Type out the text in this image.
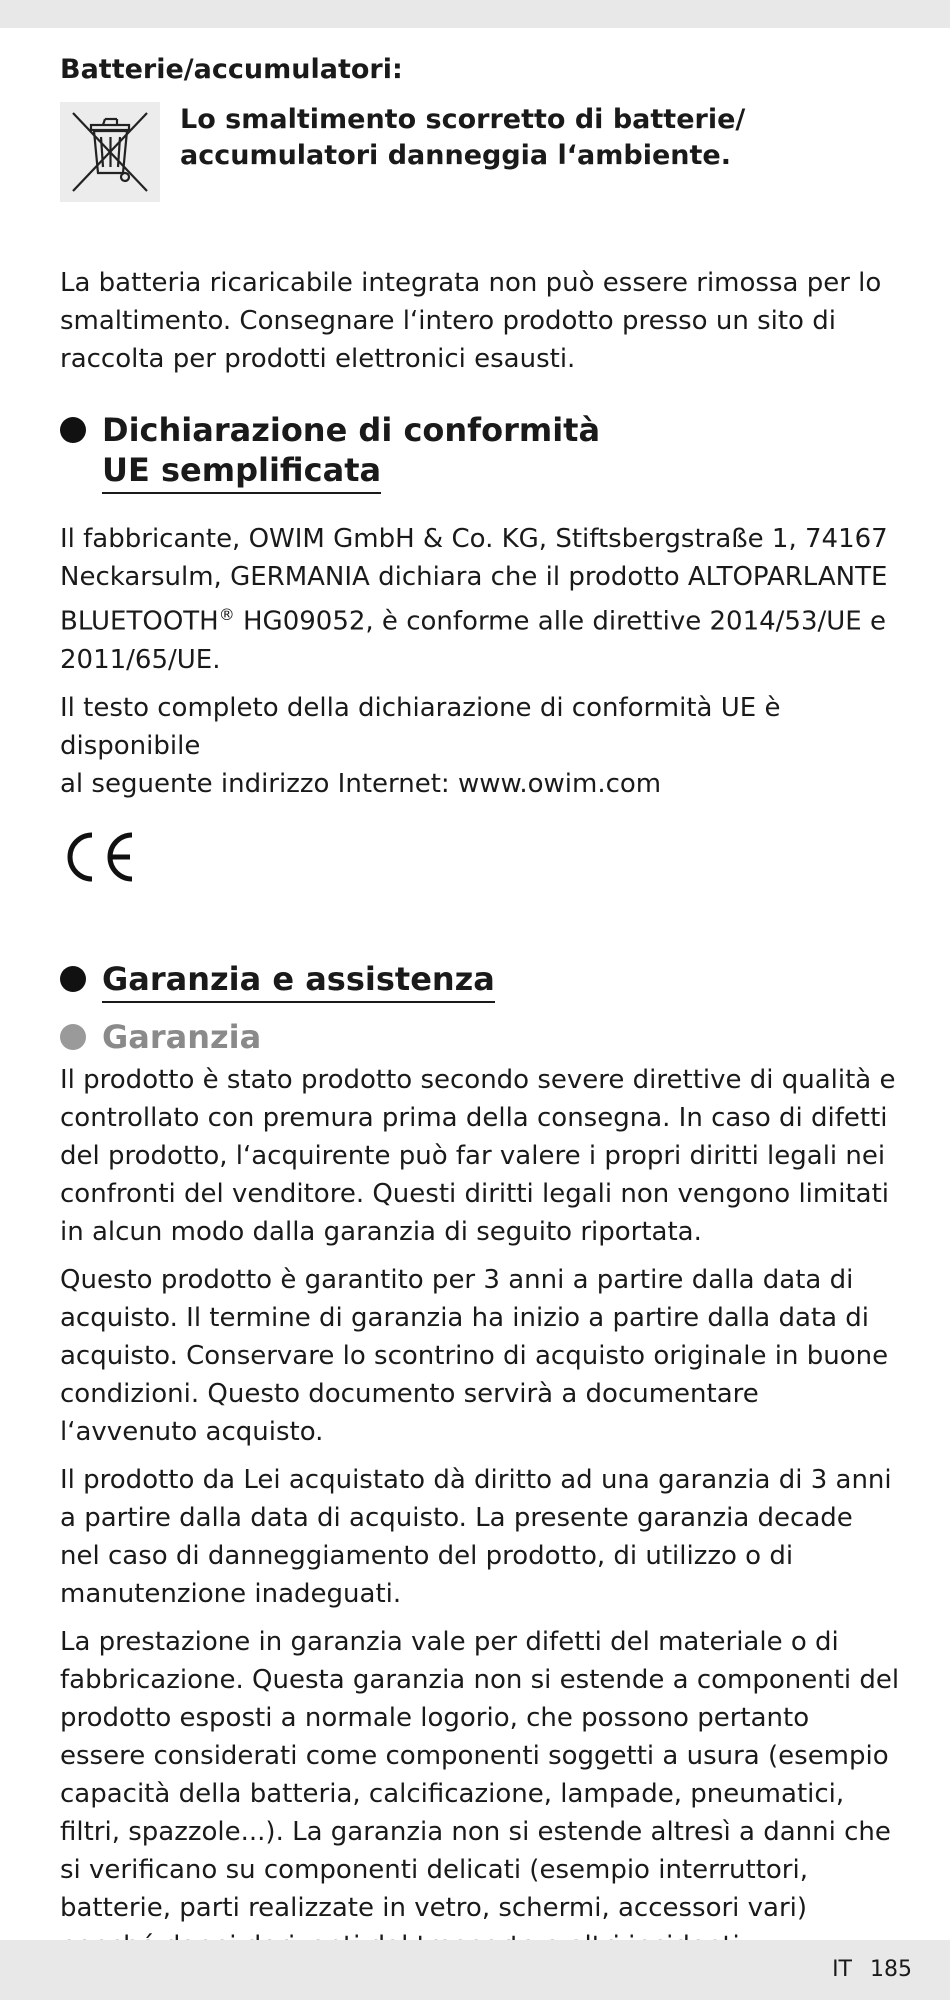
Batterie/accumulatori:
Lo smaltimento scorretto di batterie/
accumulatori danneggia l‘ambiente.

La batteria ricaricabile integrata non può essere rimossa per lo smaltimento. Consegnare l‘intero prodotto presso un sito di raccolta per prodotti elettronici esausti.

Dichiarazione di conformità
UE semplificata

Il fabbricante, OWIM GmbH & Co. KG, Stiftsbergstraße 1, 74167
Neckarsulm, GERMANIA dichiara che il prodotto ALTOPARLANTE
BLUETOOTH® HG09052, è conforme alle direttive 2014/53/UE e
2011/65/UE.

Il testo completo della dichiarazione di conformità UE è disponibile
al seguente indirizzo Internet: www.owim.com

Garanzia e assistenza
Garanzia

Il prodotto è stato prodotto secondo severe direttive di qualità e controllato con premura prima della consegna. In caso di difetti del prodotto, l‘acquirente può far valere i propri diritti legali nei confronti del venditore. Questi diritti legali non vengono limitati in alcun modo dalla garanzia di seguito riportata.

Questo prodotto è garantito per 3 anni a partire dalla data di acquisto. Il termine di garanzia ha inizio a partire dalla data di acquisto. Conservare lo scontrino di acquisto originale in buone condizioni. Questo documento servirà a documentare l‘avvenuto acquisto.

Il prodotto da Lei acquistato dà diritto ad una garanzia di 3 anni a partire dalla data di acquisto. La presente garanzia decade nel caso di danneggiamento del prodotto, di utilizzo o di manutenzione inadeguati.

La prestazione in garanzia vale per difetti del materiale o di fabbricazione. Questa garanzia non si estende a componenti del prodotto esposti a normale logorio, che possono pertanto essere considerati come componenti soggetti a usura (esempio capacità della batteria, calcificazione, lampade, pneumatici, filtri, spazzole...). La garanzia non si estende altresì a danni che si verificano su componenti delicati (esempio interruttori, batterie, parti realizzate in vetro, schermi, accessori vari)

IT 185
